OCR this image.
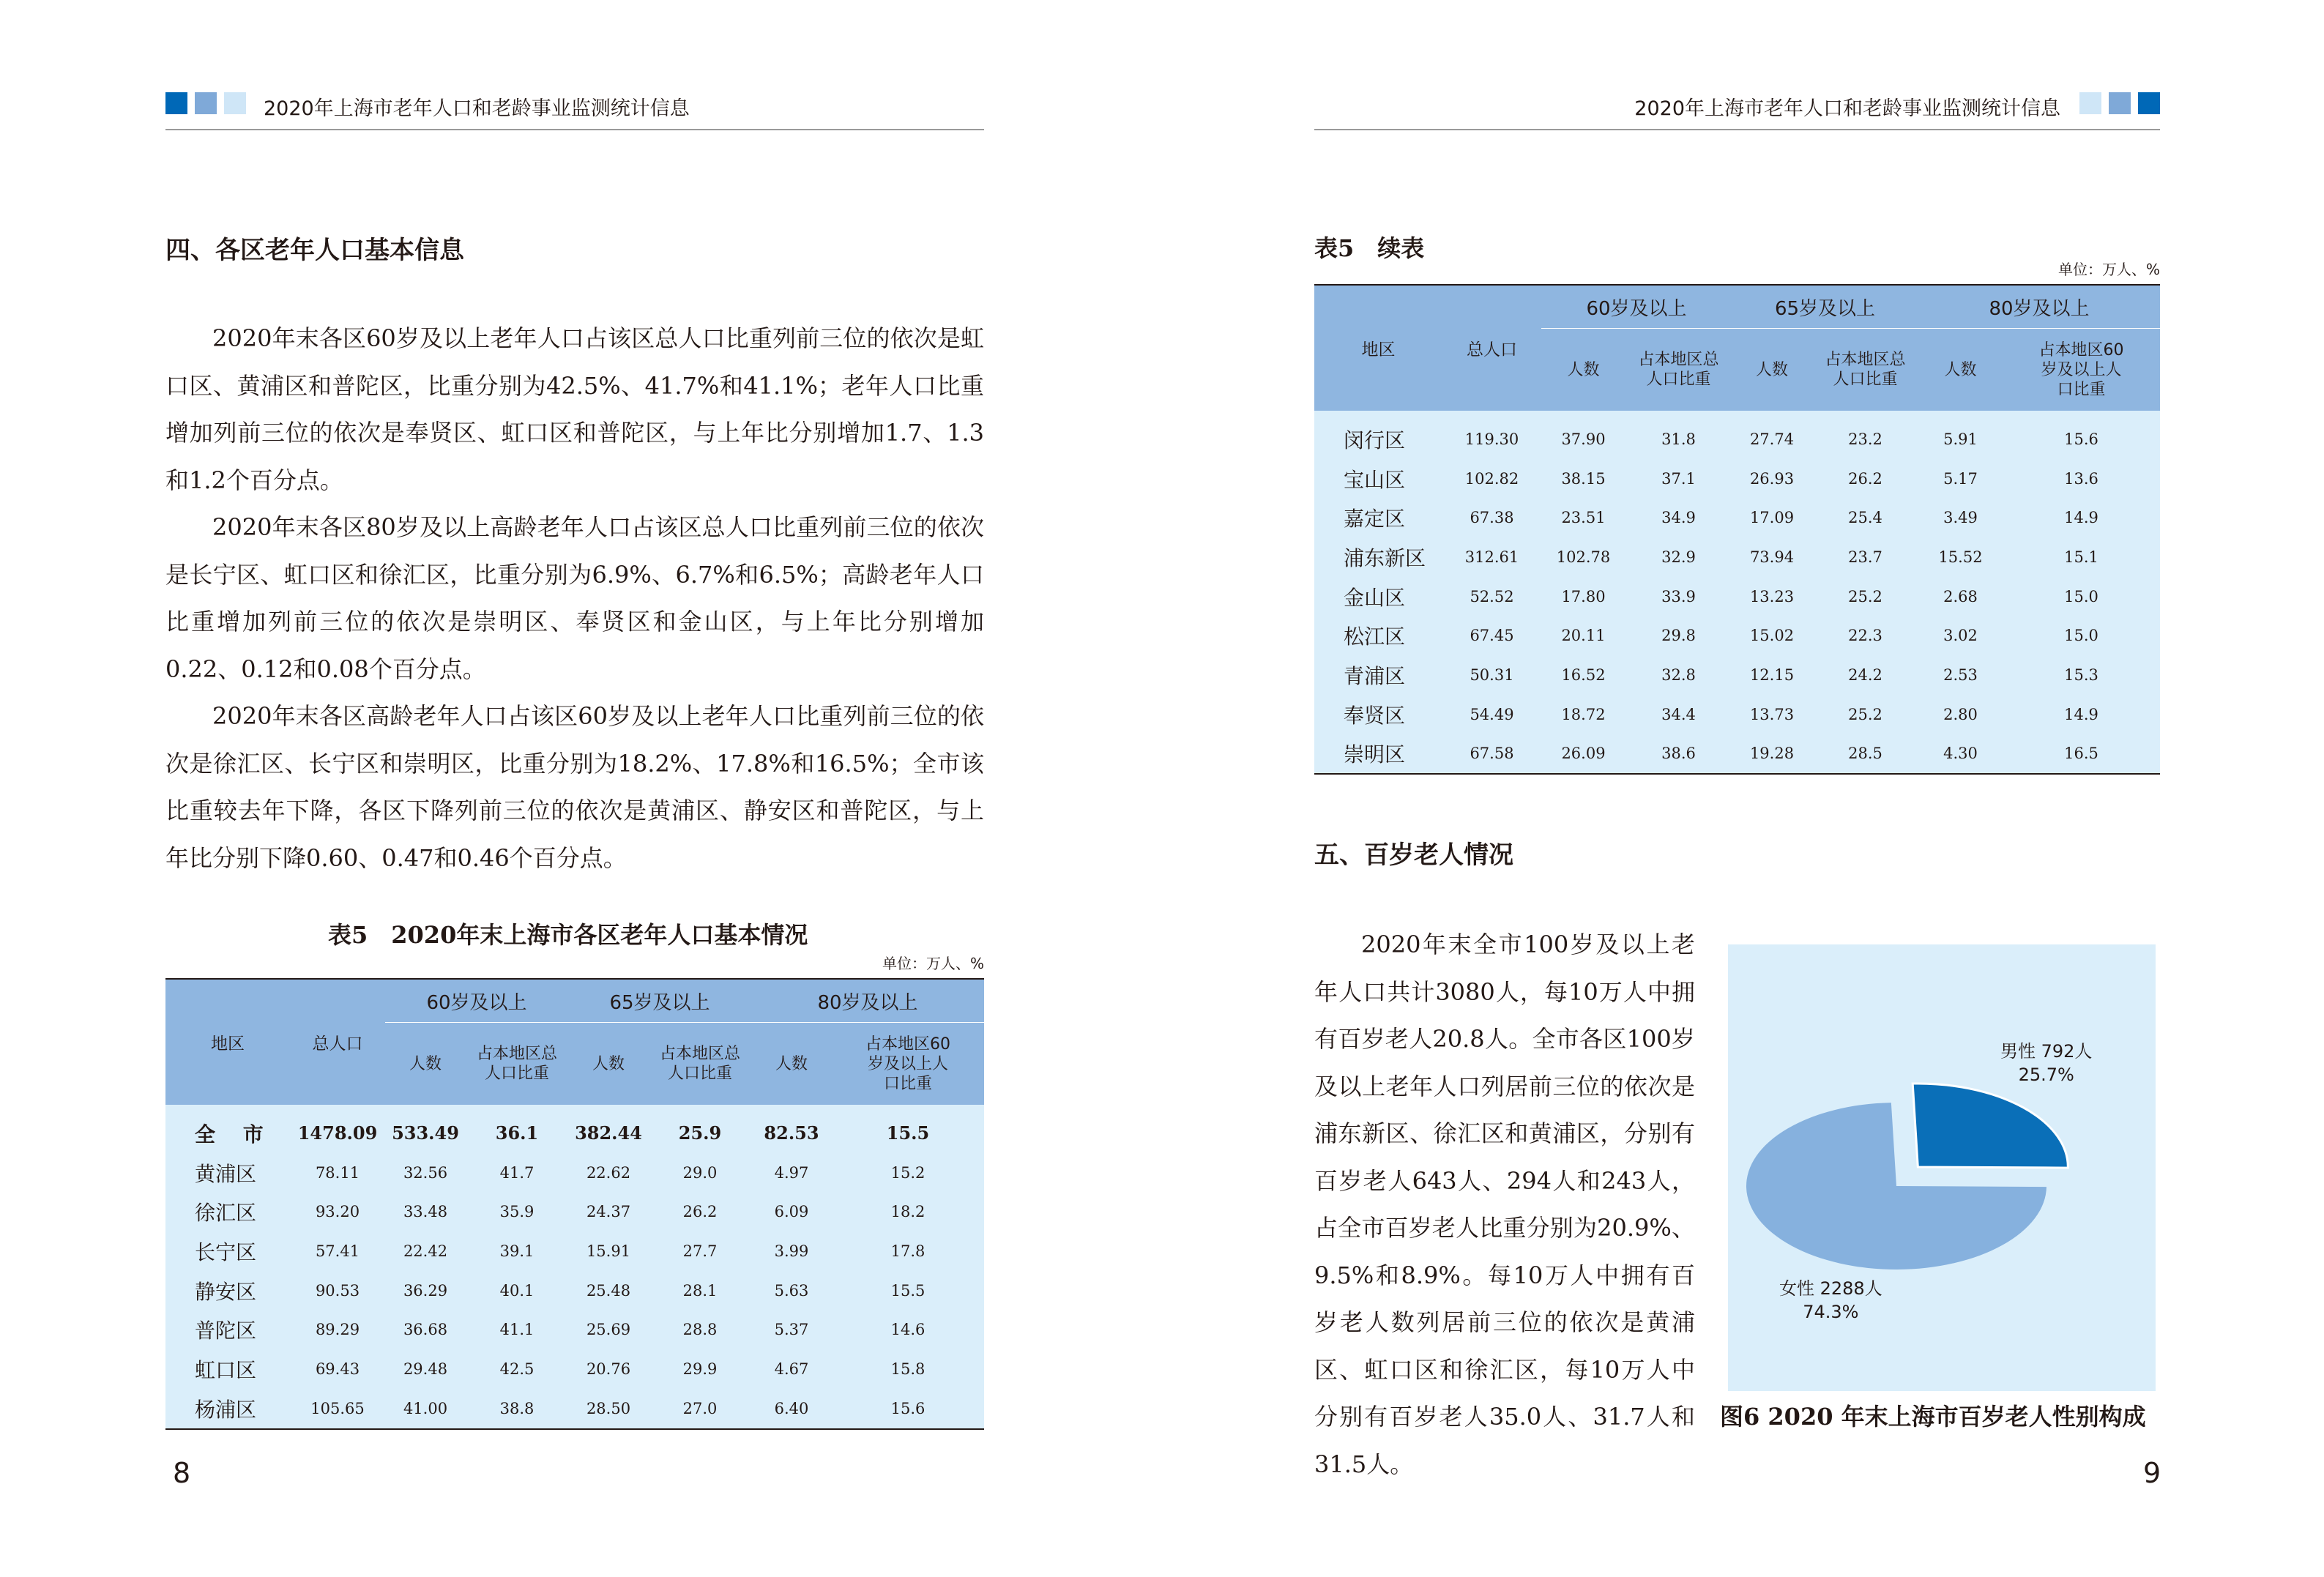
2020年上海市老年人口和老龄事业监测统计信息
四、各区老年人口基本信息

2020年末各区60岁及以上老年人口占该区总人口比重列前三位的依次是虹口区、黄浦区和普陀区，比重分别为42.5%、41.7%和41.1%；老年人口比重增加列前三位的依次是奉贤区、虹口区和普陀区，与上年比分别增加1.7、1.3和1.2个百分点。

2020年末各区80岁及以上高龄老年人口占该区总人口比重列前三位的依次是长宁区、虹口区和徐汇区，比重分别为6.9%、6.7%和6.5%；高龄老年人口比重增加列前三位的依次是崇明区、奉贤区和金山区，与上年比分别增加0.22、0.12和0.08个百分点。

2020年末各区高龄老年人口占该区60岁及以上老年人口比重列前三位的依次是徐汇区、长宁区和崇明区，比重分别为18.2%、17.8%和16.5%；全市该比重较去年下降，各区下降列前三位的依次是黄浦区、静安区和普陀区，与上年比分别下降0.60、0.47和0.46个百分点。

表5　2020年末上海市各区老年人口基本情况
单位：万人、%
地区	总人口	60岁及以上		65岁及以上		80岁及以上	
		人数	占本地区总人口比重	人数	占本地区总人口比重	人数	占本地区60岁及以上人口比重
全 市	1478.09	533.49	36.1	382.44	25.9	82.53	15.5
黄浦区	78.11	32.56	41.7	22.62	29.0	4.97	15.2
徐汇区	93.20	33.48	35.9	24.37	26.2	6.09	18.2
长宁区	57.41	22.42	39.1	15.91	27.7	3.99	17.8
静安区	90.53	36.29	40.1	25.48	28.1	5.63	15.5
普陀区	89.29	36.68	41.1	25.69	28.8	5.37	14.6
虹口区	69.43	29.48	42.5	20.76	29.9	4.67	15.8
杨浦区	105.65	41.00	38.8	28.50	27.0	6.40	15.6
8
2020年上海市老年人口和老龄事业监测统计信息
表5　续表
单位：万人、%
地区	总人口	60岁及以上		65岁及以上		80岁及以上	
		人数	占本地区总人口比重	人数	占本地区总人口比重	人数	占本地区60岁及以上人口比重
闵行区	119.30	37.90	31.8	27.74	23.2	5.91	15.6
宝山区	102.82	38.15	37.1	26.93	26.2	5.17	13.6
嘉定区	67.38	23.51	34.9	17.09	25.4	3.49	14.9
浦东新区	312.61	102.78	32.9	73.94	23.7	15.52	15.1
金山区	52.52	17.80	33.9	13.23	25.2	2.68	15.0
松江区	67.45	20.11	29.8	15.02	22.3	3.02	15.0
青浦区	50.31	16.52	32.8	12.15	24.2	2.53	15.3
奉贤区	54.49	18.72	34.4	13.73	25.2	2.80	14.9
崇明区	67.58	26.09	38.6	19.28	28.5	4.30	16.5
五、百岁老人情况

2020年末全市100岁及以上老年人口共计3080人，每10万人中拥有百岁老人20.8人。全市各区100岁及以上老年人口列居前三位的依次是浦东新区、徐汇区和黄浦区，分别有百岁老人643人、294人和243人，占全市百岁老人比重分别为20.9%、9.5%和8.9%。每10万人中拥有百岁老人数列居前三位的依次是黄浦区、虹口区和徐汇区，每10万人中分别有百岁老人35.0人、31.7人和31.5人。

男性 792人
25.7%
女性 2288人
74.3%
图6 2020 年末上海市百岁老人性别构成
9
